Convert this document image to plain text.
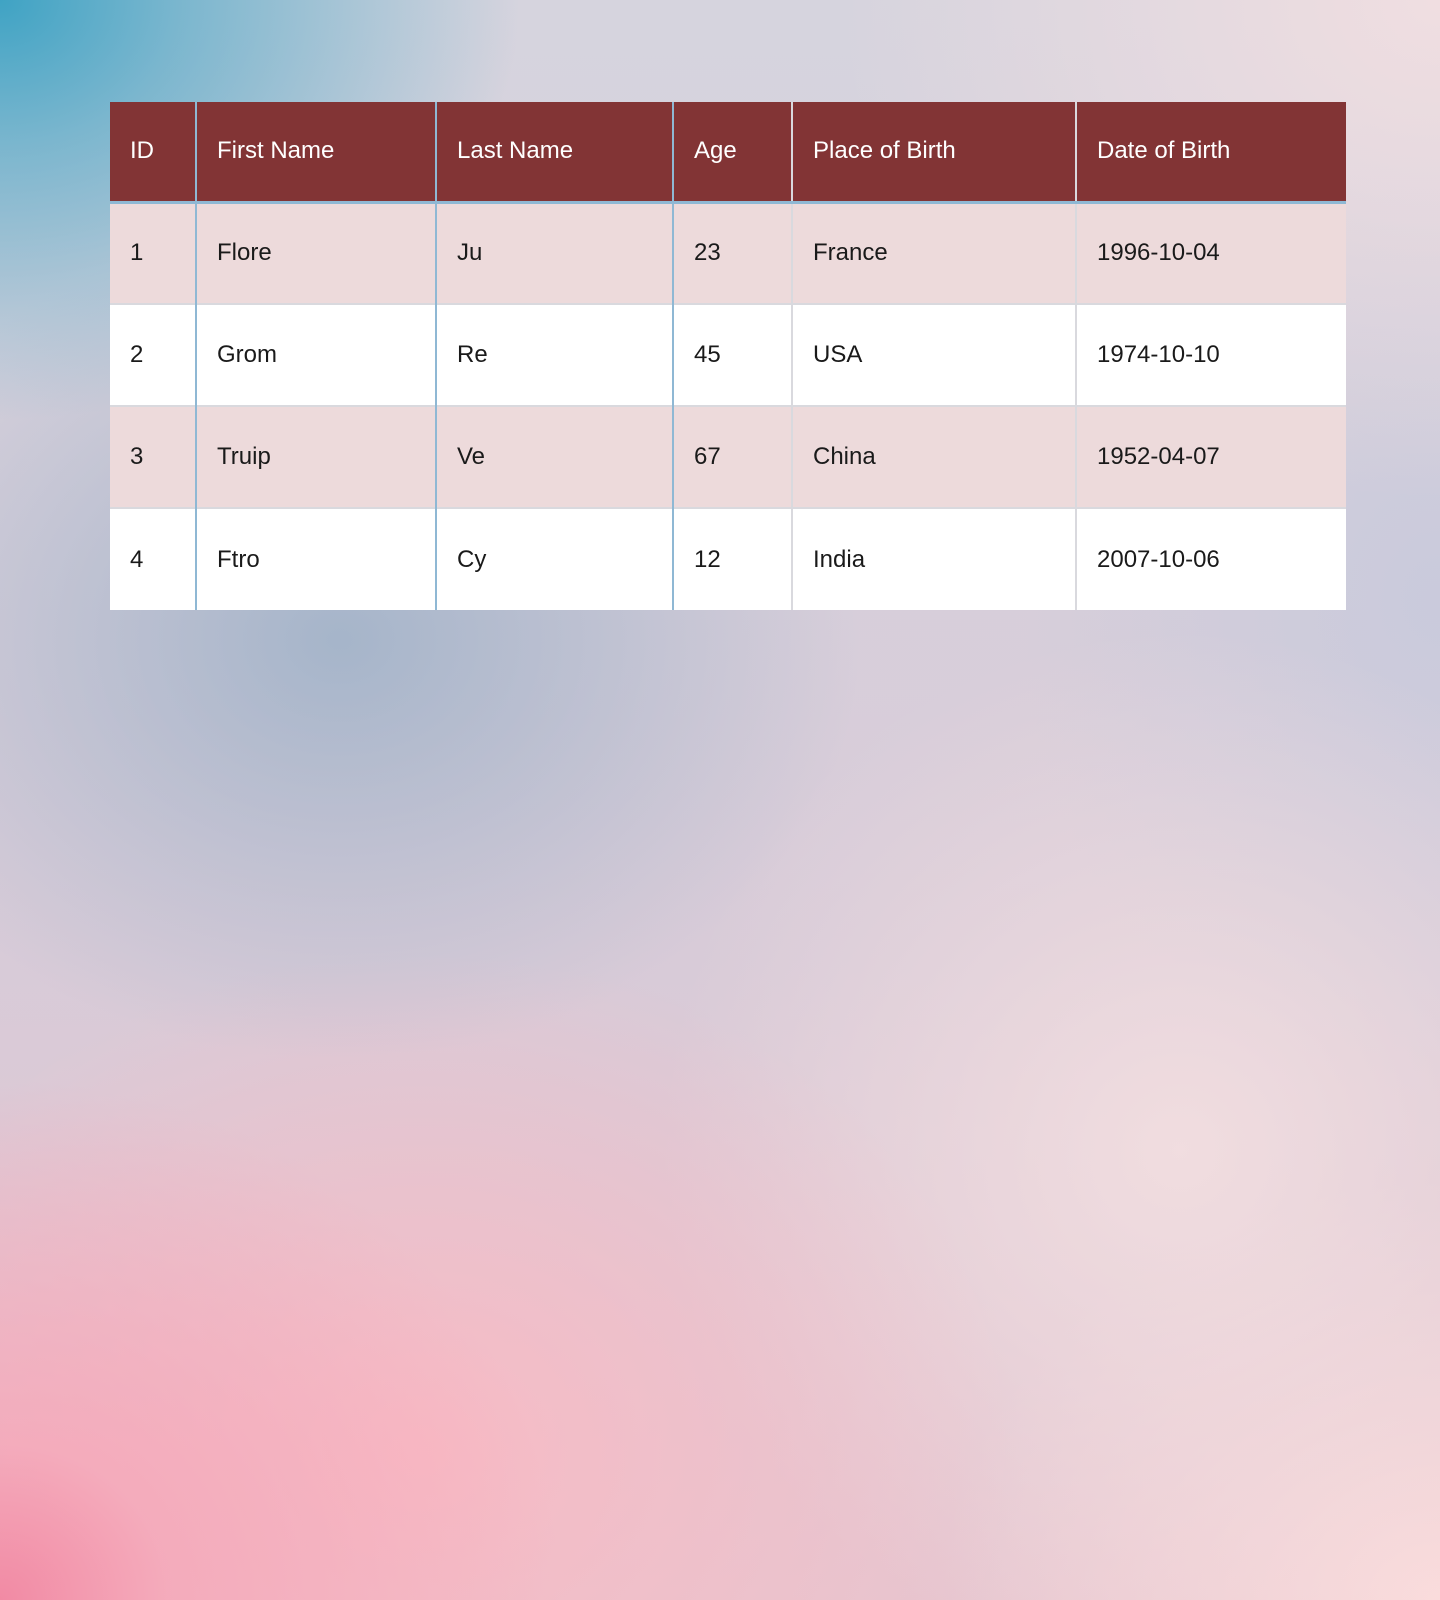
ID	First Name	Last Name	Age	Place of Birth	Date of Birth
1	Flore	Ju	23	France	1996-10-04
2	Grom	Re	45	USA	1974-10-10
3	Truip	Ve	67	China	1952-04-07
4	Ftro	Cy	12	India	2007-10-06
